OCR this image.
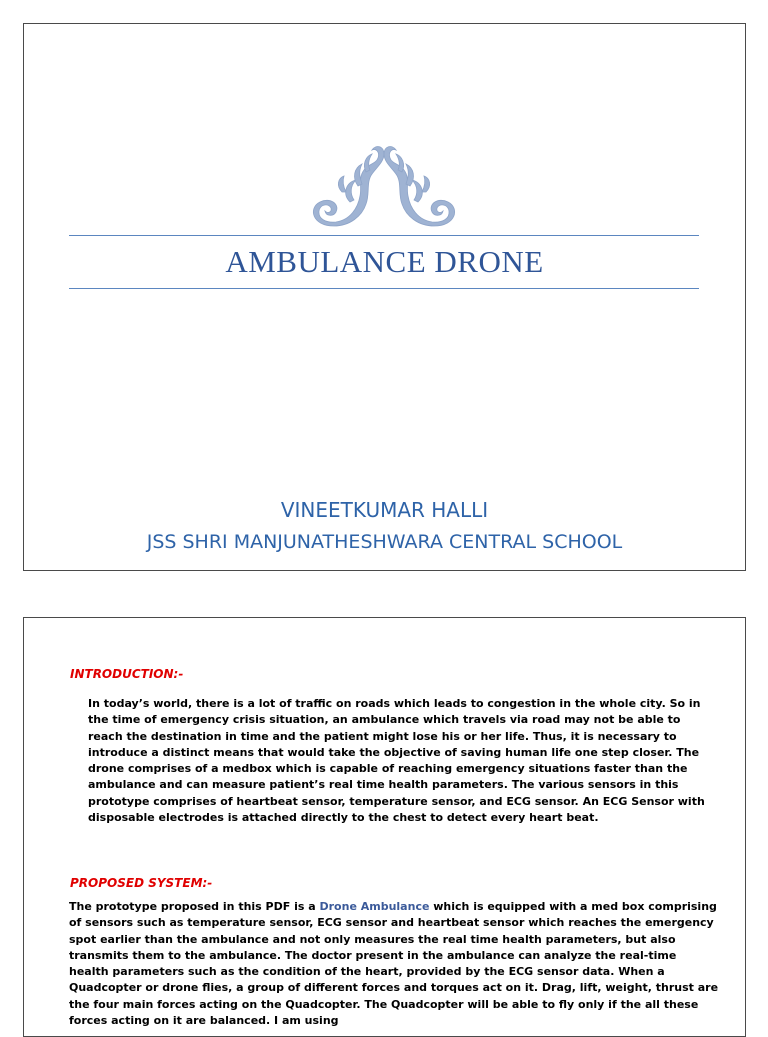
AMBULANCE DRONE
VINEETKUMAR HALLI
JSS SHRI MANJUNATHESHWARA CENTRAL SCHOOL
INTRODUCTION:-

In today’s world, there is a lot of traffic on roads which leads to congestion in the whole city. So in the time of emergency crisis situation, an ambulance which travels via road may not be able to reach the destination in time and the patient might lose his or her life. Thus, it is necessary to introduce a distinct means that would take the objective of saving human life one step closer. The drone comprises of a medbox which is capable of reaching emergency situations faster than the ambulance and can measure patient’s real time health parameters. The various sensors in this prototype comprises of heartbeat sensor, temperature sensor, and ECG sensor. An ECG Sensor with disposable electrodes is attached directly to the chest to detect every heart beat.

PROPOSED SYSTEM:-

The prototype proposed in this PDF is a Drone Ambulance which is equipped with a med box comprising of sensors such as temperature sensor, ECG sensor and heartbeat sensor which reaches the emergency spot earlier than the ambulance and not only measures the real time health parameters, but also transmits them to the ambulance. The doctor present in the ambulance can analyze the real-time health parameters such as the condition of the heart, provided by the ECG sensor data. When a Quadcopter or drone flies, a group of different forces and torques act on it. Drag, lift, weight, thrust are the four main forces acting on the Quadcopter. The Quadcopter will be able to fly only if the all these forces acting on it are balanced. I am using
